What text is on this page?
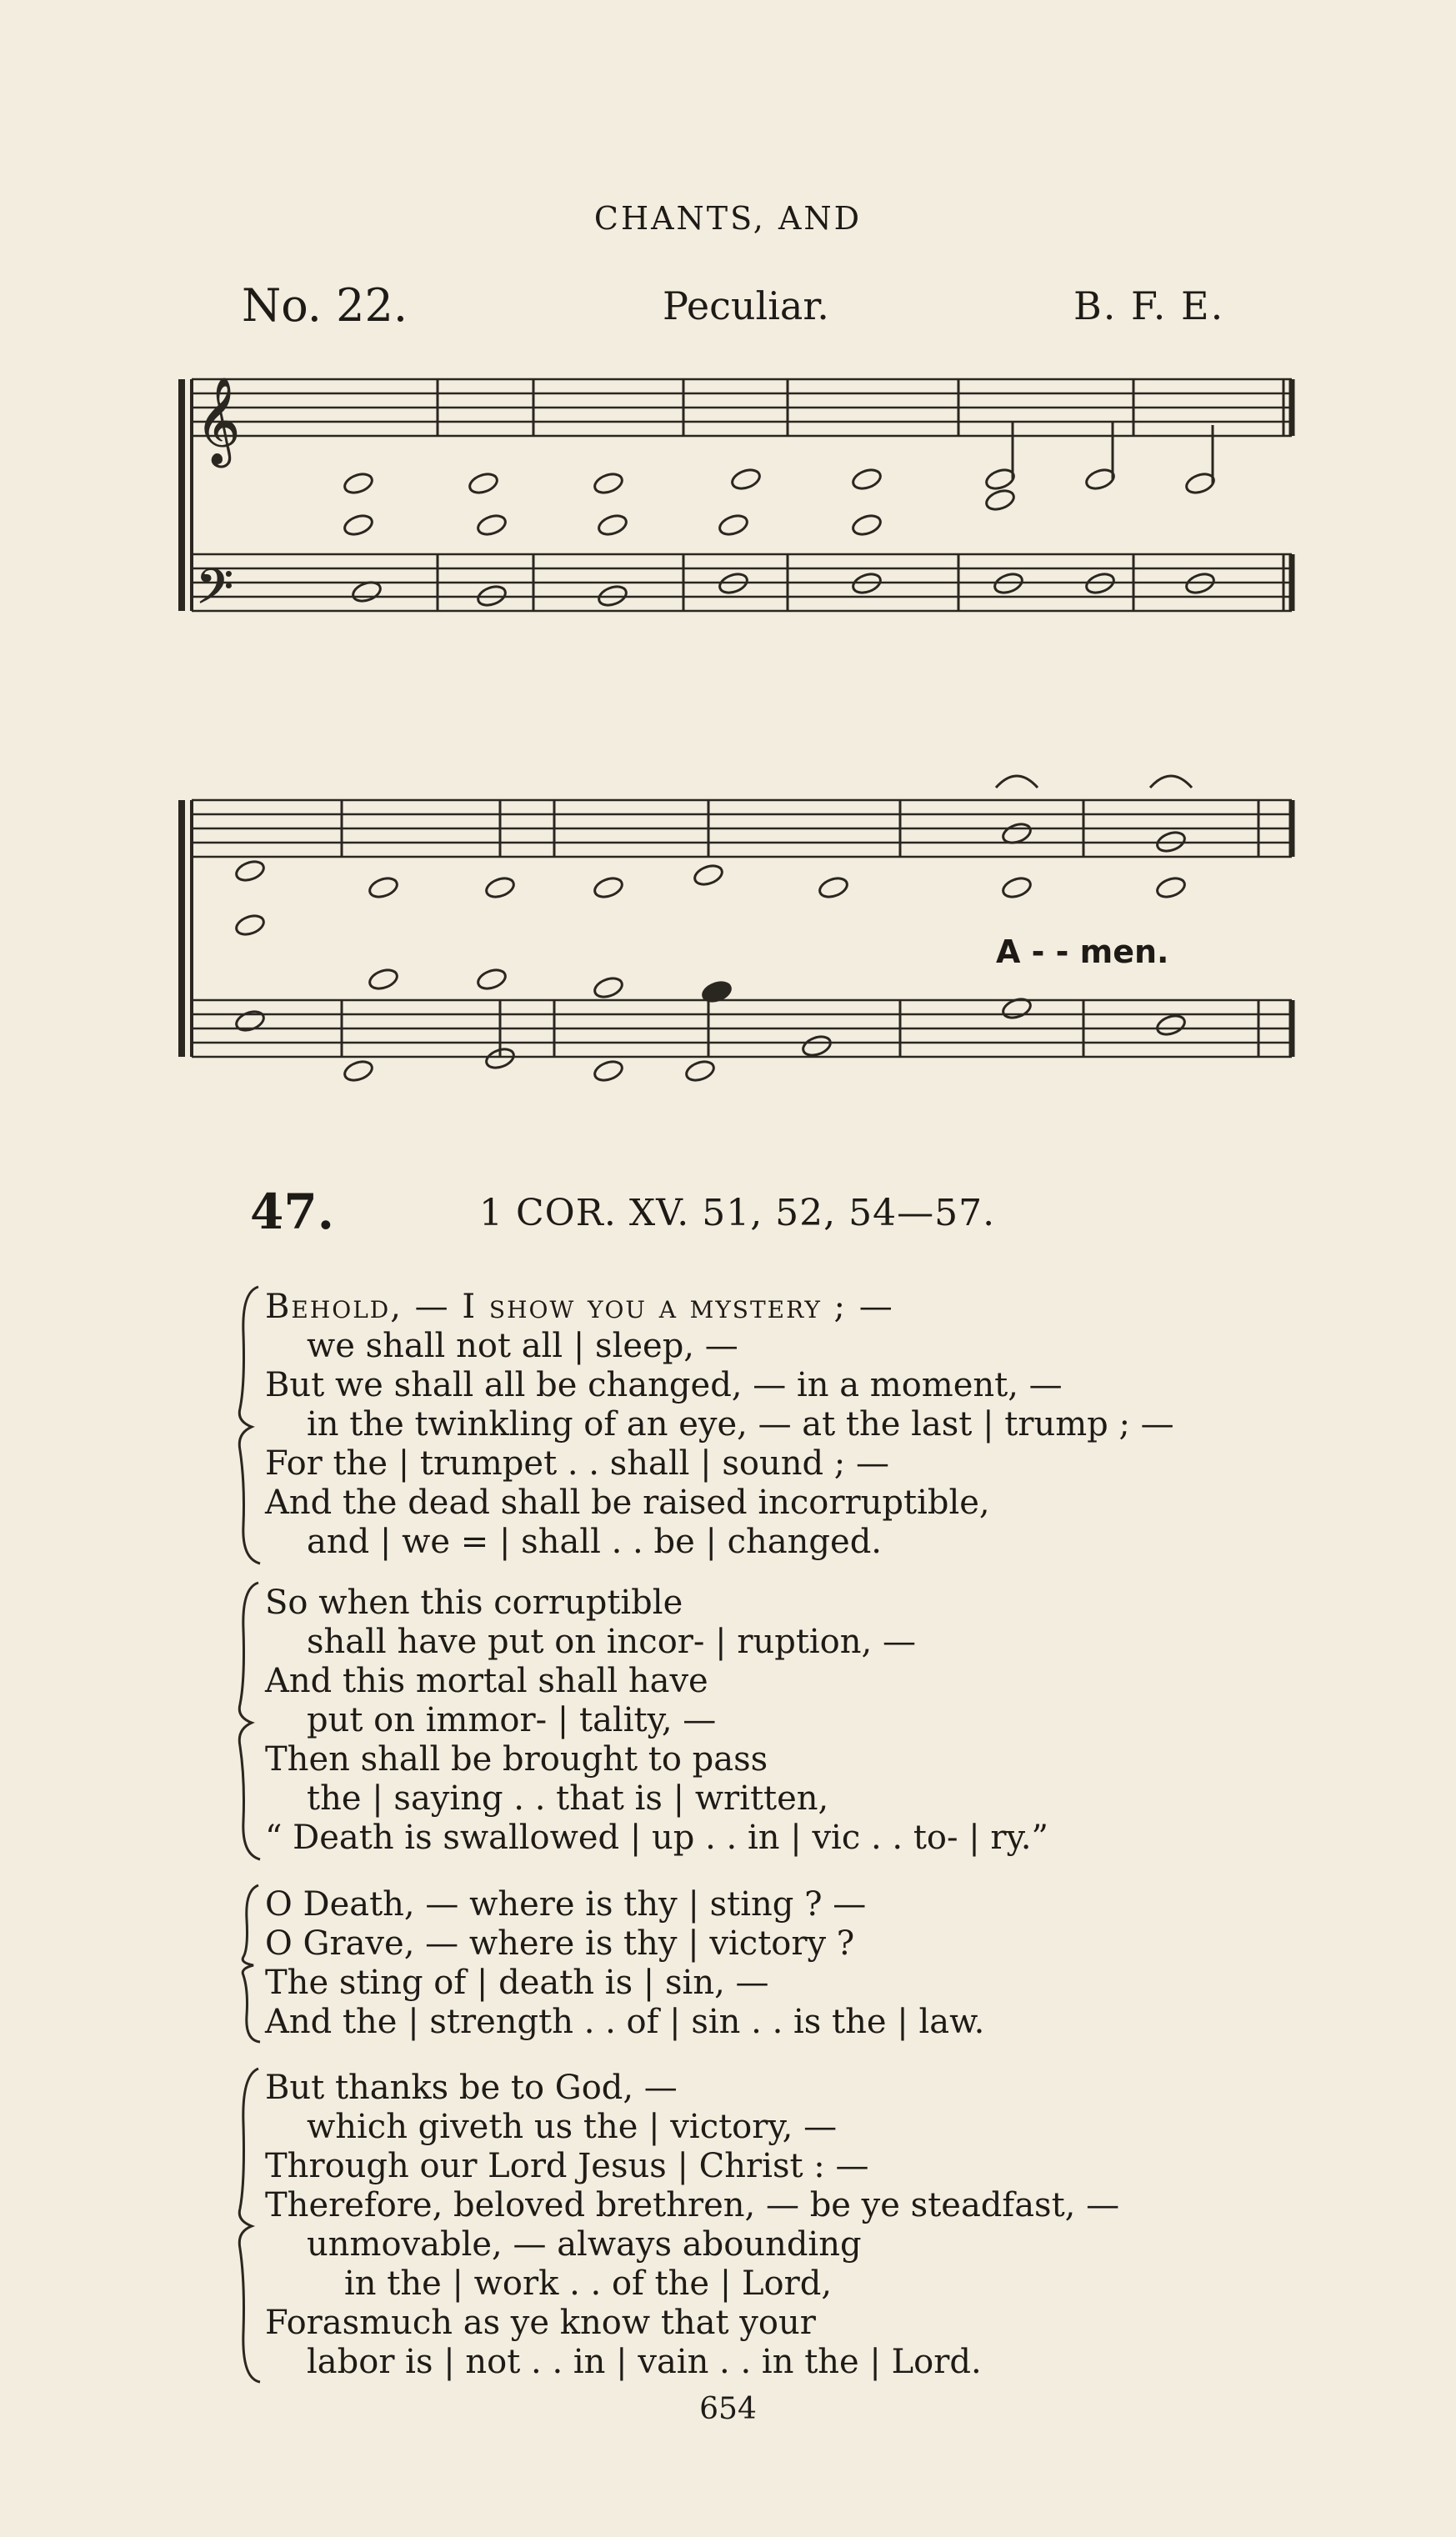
CHANTS, AND
No. 22.	Peculiar.	B. F. E.
𝄞
𝄢
A - - men.
47.	1 COR. XV. 51, 52, 54—57.
Behold, — I show you a mystery ; —
we shall not all | sleep, —
But we shall all be changed, — in a moment, —
in the twinkling of an eye, — at the last | trump ; —
For the | trumpet . . shall | sound ; —
And the dead shall be raised incorruptible,
and | we = | shall . . be | changed.
So when this corruptible
shall have put on incor- | ruption, —
And this mortal shall have
put on immor- | tality, —
Then shall be brought to pass
the | saying . . that is | written,
“ Death is swallowed | up . . in | vic . . to- | ry.”
O Death, — where is thy | sting ? —
O Grave, — where is thy | victory ?
The sting of | death is | sin, —
And the | strength . . of | sin . . is the | law.
But thanks be to God, —
which giveth us the | victory, —
Through our Lord Jesus | Christ : —
Therefore, beloved brethren, — be ye steadfast, —
unmovable, — always abounding
in the | work . . of the | Lord,
Forasmuch as ye know that your
labor is | not . . in | vain . . in the | Lord.
654
